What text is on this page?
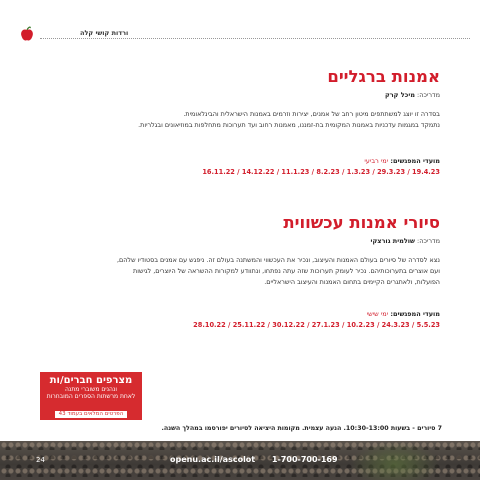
ורדות קושי קלה
אמנות ברגליים
מדריכה: מיכל קרק
בסדרה זו יוצג למשתתפים מיטון רחב של אמנים, יצירות וזרמים באמנות הישראלית והבינלאומית.
נתמקד במגמות עדכניות באמנות המקומית בת-זמננו, מאמנות רחוב ועד תערוכות מתחלפות במוזיאונים ובגלריות.
מועדי המפגשים: ימי רביעי
16.11.22 / 14.12.22 / 11.1.23 / 8.2.23 / 1.3.23 / 29.3.23 / 19.4.23
סיורי אמנות עכשווית
מדריכה: שולמית גורצקי
נצא לסדרה של סיורים בעולם האמנות והעיצוב, ונכיר את העכשווי והמשתנה בעולם זה. ניפגש עם אמנים בסטודיו שלהם,
ועם אוצרים בתערוכותיהם. נכיר לעומק תערוכות שזה עתה נפתחו, ונתוודע למקורות ההשראה של היוצרים, לגישות
הפועלות, ולאתגרים הקיימים בתחום האמנות והעיצוב הישראליים.
מועדי המפגשים: ימי שישי
28.10.22 / 25.11.22 / 30.12.22 / 27.1.23 / 10.2.23 / 24.3.23 / 5.5.23
מצרפים חברים/ות
ונהנים משוברי מתנה
לאחת מרשתות הספרים המובחרות
הפרטים המלאים בעמוד 43
7 סיורים - בשעות 10:30-13:00. הנעה עצמית. מקומות היציאה לסיורים יפורסמו במהלך השנה.
24	openu.ac.il/ascolot 1-700-700-169
